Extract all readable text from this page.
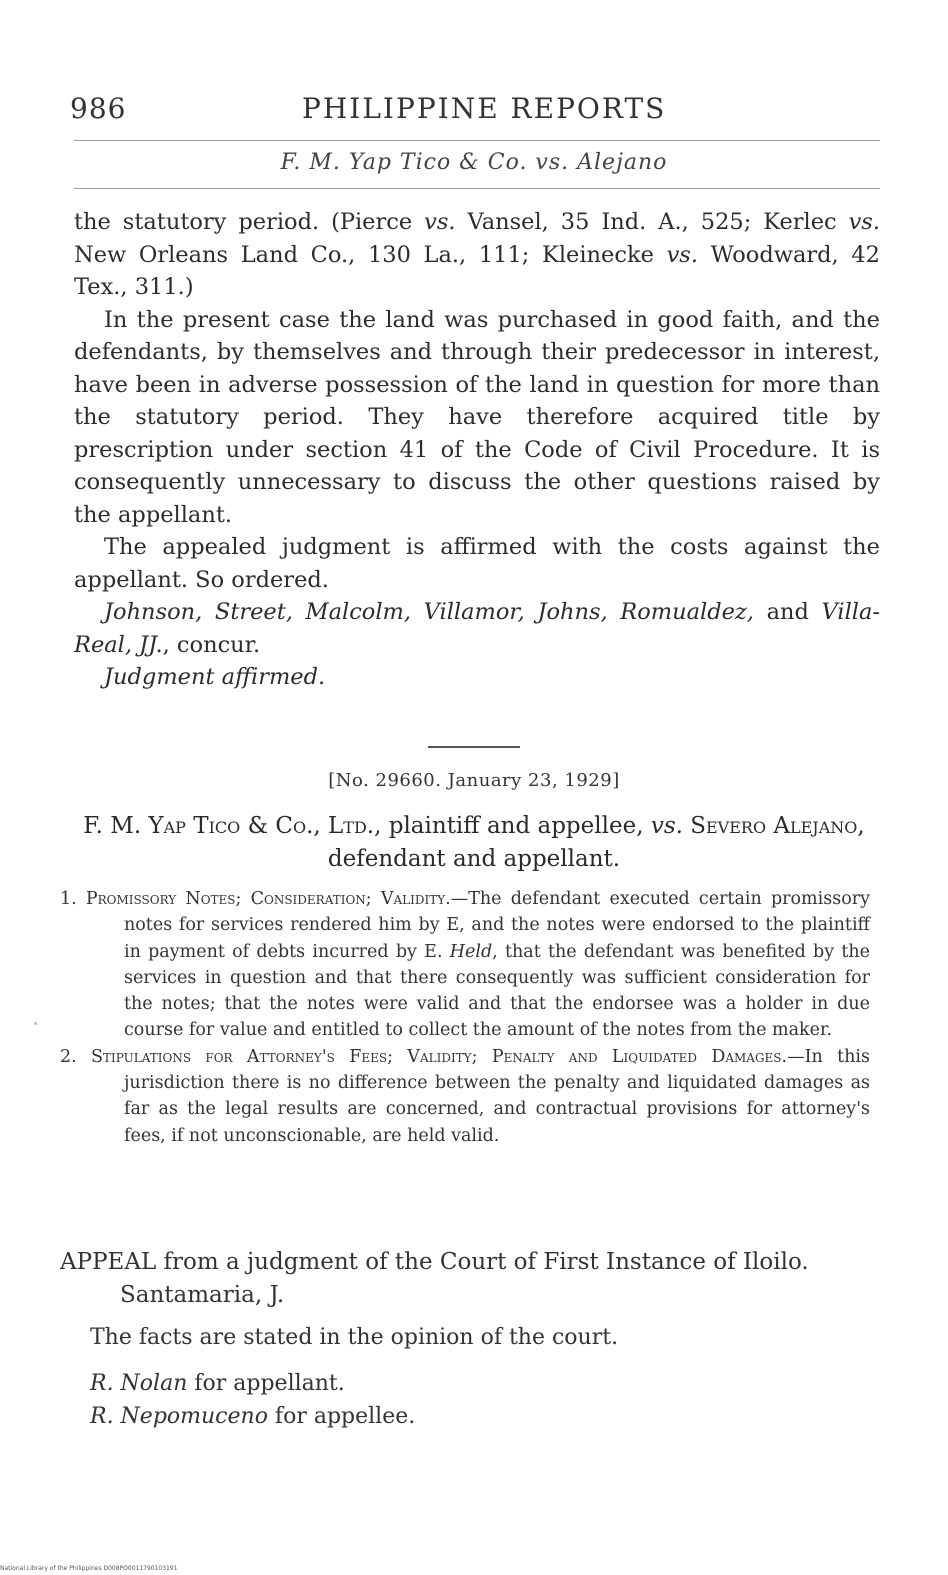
986	PHILIPPINE REPORTS
F. M. Yap Tico & Co. vs. Alejano

the statutory period. (Pierce vs. Vansel, 35 Ind. A., 525; Kerlec vs. New Orleans Land Co., 130 La., 111; Kleinecke vs. Woodward, 42 Tex., 311.)

In the present case the land was purchased in good faith, and the defendants, by themselves and through their predecessor in interest, have been in adverse possession of the land in question for more than the statutory period. They have therefore acquired title by prescription under section 41 of the Code of Civil Procedure. It is consequently unnecessary to discuss the other questions raised by the appellant.

The appealed judgment is affirmed with the costs against the appellant. So ordered.

Johnson, Street, Malcolm, Villamor, Johns, Romualdez, and Villa-Real, JJ., concur.

Judgment affirmed.

[No. 29660. January 23, 1929]
F. M. Yap Tico & Co., Ltd., plaintiff and appellee, vs. Severo Alejano, defendant and appellant.

1. Promissory Notes; Consideration; Validity.—The defendant executed certain promissory notes for services rendered him by E, and the notes were endorsed to the plaintiff in payment of debts incurred by E. Held, that the defendant was benefited by the services in question and that there consequently was sufficient consideration for the notes; that the notes were valid and that the endorsee was a holder in due course for value and entitled to collect the amount of the notes from the maker.

2. Stipulations for Attorney's Fees; Validity; Penalty and Liquidated Damages.—In this jurisdiction there is no difference between the penalty and liquidated damages as far as the legal results are concerned, and contractual provisions for attorney's fees, if not unconscionable, are held valid.

APPEAL from a judgment of the Court of First Instance of Iloilo. Santamaria, J.

The facts are stated in the opinion of the court.
R. Nolan for appellant.
R. Nepomuceno for appellee.
National Library of the Philippines D008PO0011790103191
